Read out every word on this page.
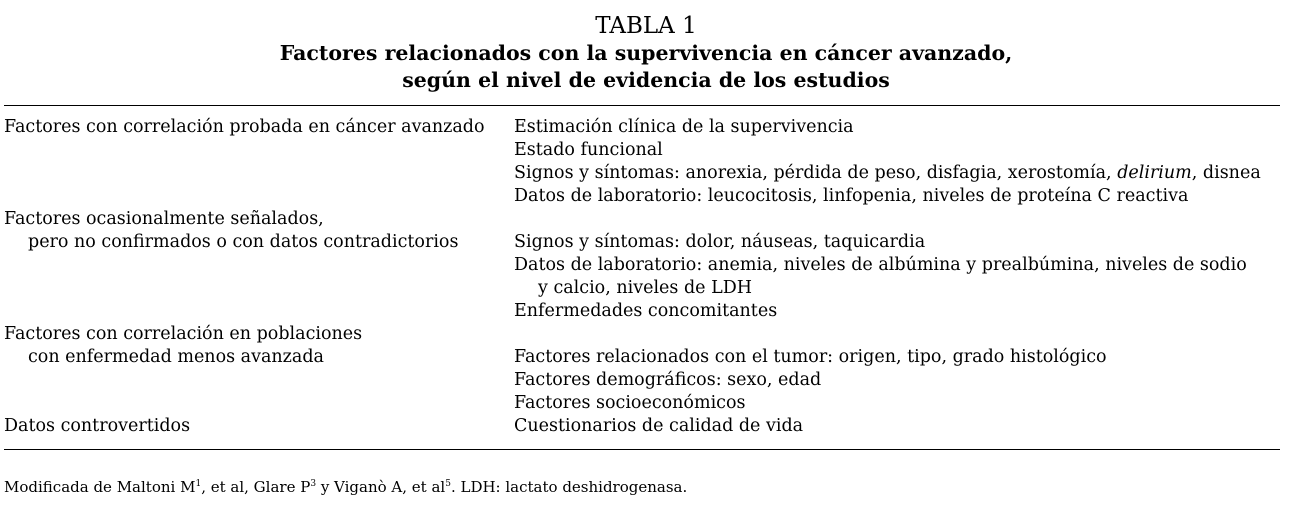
TABLA 1
Factores relacionados con la supervivencia en cáncer avanzado,
según el nivel de evidencia de los estudios
Factores con correlación probada en cáncer avanzado	Estimación clínica de la supervivencia
Estado funcional
Signos y síntomas: anorexia, pérdida de peso, disfagia, xerostomía, delirium, disnea
Datos de laboratorio: leucocitosis, linfopenia, niveles de proteína C reactiva
Factores ocasionalmente señalados,
pero no confirmados o con datos contradictorios	Signos y síntomas: dolor, náuseas, taquicardia
Datos de laboratorio: anemia, niveles de albúmina y prealbúmina, niveles de sodio
y calcio, niveles de LDH
Enfermedades concomitantes
Factores con correlación en poblaciones
con enfermedad menos avanzada	Factores relacionados con el tumor: origen, tipo, grado histológico
Factores demográficos: sexo, edad
Factores socioeconómicos
Datos controvertidos	Cuestionarios de calidad de vida
Modificada de Maltoni $M^1$, et al, Glare $P^3$ y Viganò A, et $al^5$. LDH: lactato deshidrogenasa.
